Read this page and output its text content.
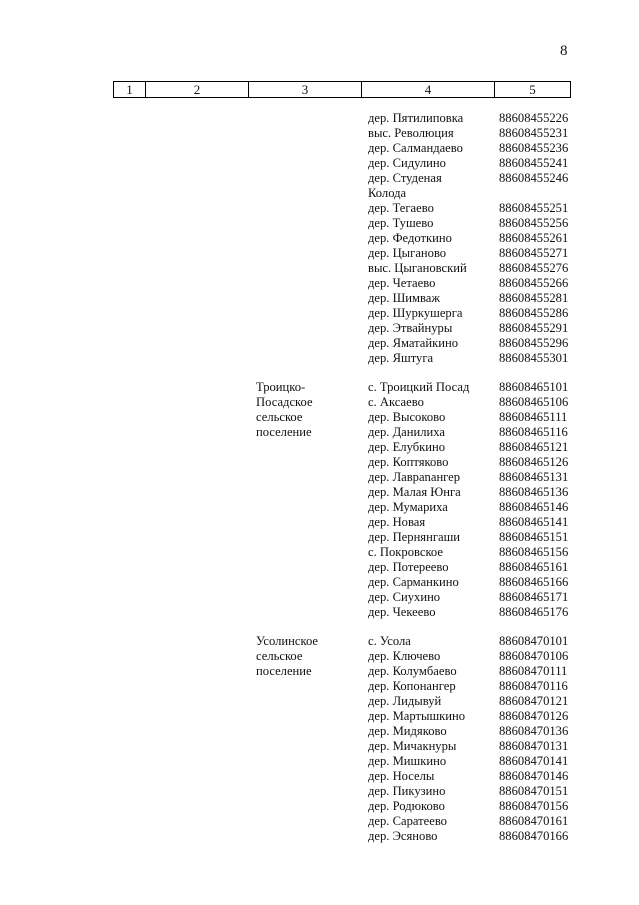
8
1	2	3	4	5
дер. Пятилиповка	88608455226
выс. Революция	88608455231
дер. Салмандаево	88608455236
дер. Сидулино	88608455241
дер. Студеная	88608455246
Колода
дер. Тегаево	88608455251
дер. Тушево	88608455256
дер. Федоткино	88608455261
дер. Цыганово	88608455271
выс. Цыгановский	88608455276
дер. Четаево	88608455266
дер. Шимваж	88608455281
дер. Шуркушерга	88608455286
дер. Этвайнуры	88608455291
дер. Яматайкино	88608455296
дер. Яштуга	88608455301
Троицко-
Посадское
сельское
поселение
с. Троицкий Посад 88608465101
с. Аксаево	88608465106
дер. Высоково	88608465111
дер. Данилиха	88608465116
дер. Елубкино	88608465121
дер. Коптяково	88608465126
дер. Лаврanангер	88608465131
дер. Малая Юнга	88608465136
дер. Мумариха	88608465146
дер. Новая	88608465141
дер. Пернянгаши	88608465151
с. Покровское	88608465156
дер. Потереево	88608465161
дер. Сарманкино	88608465166
дер. Сиухино	88608465171
дер. Чекеево	88608465176
Усолинское
сельское
поселение
с. Усола	88608470101
дер. Ключево	88608470106
дер. Колумбаево	88608470111
дер. Копонангер	88608470116
дер. Лидывуй	88608470121
дер. Мартышкино	88608470126
дер. Мидяково	88608470136
дер. Мичакнуры	88608470131
дер. Мишкино	88608470141
дер. Носелы	88608470146
дер. Пикузино	88608470151
дер. Родюково	88608470156
дер. Саратеево	88608470161
дер. Эсяново	88608470166
